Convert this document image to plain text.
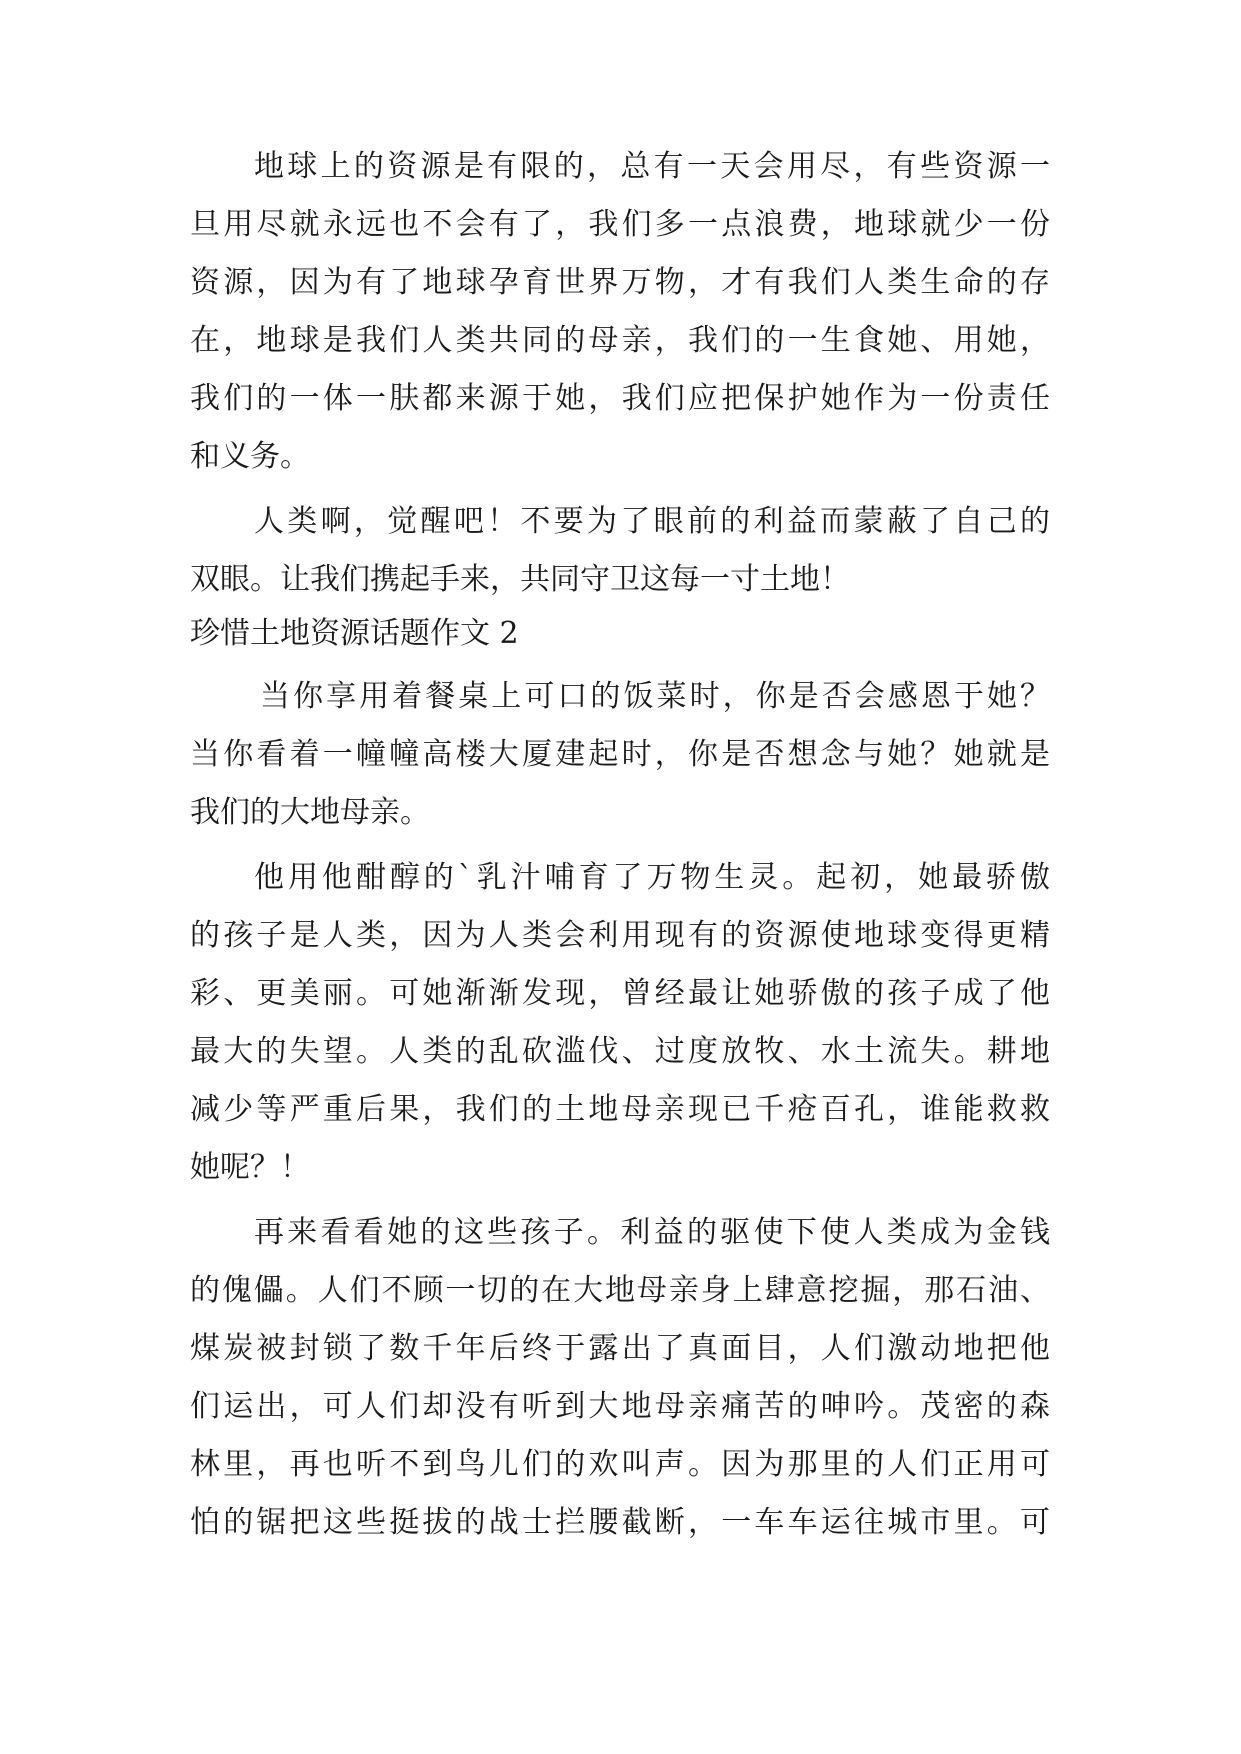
地球上的资源是有限的，总有一天会用尽，有些资源一
旦用尽就永远也不会有了，我们多一点浪费，地球就少一份
资源，因为有了地球孕育世界万物，才有我们人类生命的存
在，地球是我们人类共同的母亲，我们的一生食她、用她，
我们的一体一肤都来源于她，我们应把保护她作为一份责任
和义务。
人类啊，觉醒吧！不要为了眼前的利益而蒙蔽了自己的
双眼。让我们携起手来，共同守卫这每一寸土地！
珍惜土地资源话题作文 2
当你享用着餐桌上可口的饭菜时，你是否会感恩于她？
当你看着一幢幢高楼大厦建起时，你是否想念与她？她就是
我们的大地母亲。
他用他酣醇的`乳汁哺育了万物生灵。起初，她最骄傲
的孩子是人类，因为人类会利用现有的资源使地球变得更精
彩、更美丽。可她渐渐发现，曾经最让她骄傲的孩子成了他
最大的失望。人类的乱砍滥伐、过度放牧、水土流失。耕地
减少等严重后果，我们的土地母亲现已千疮百孔，谁能救救
她呢？！
再来看看她的这些孩子。利益的驱使下使人类成为金钱
的傀儡。人们不顾一切的在大地母亲身上肆意挖掘，那石油、
煤炭被封锁了数千年后终于露出了真面目，人们激动地把他
们运出，可人们却没有听到大地母亲痛苦的呻吟。茂密的森
林里，再也听不到鸟儿们的欢叫声。因为那里的人们正用可
怕的锯把这些挺拔的战士拦腰截断，一车车运往城市里。可
